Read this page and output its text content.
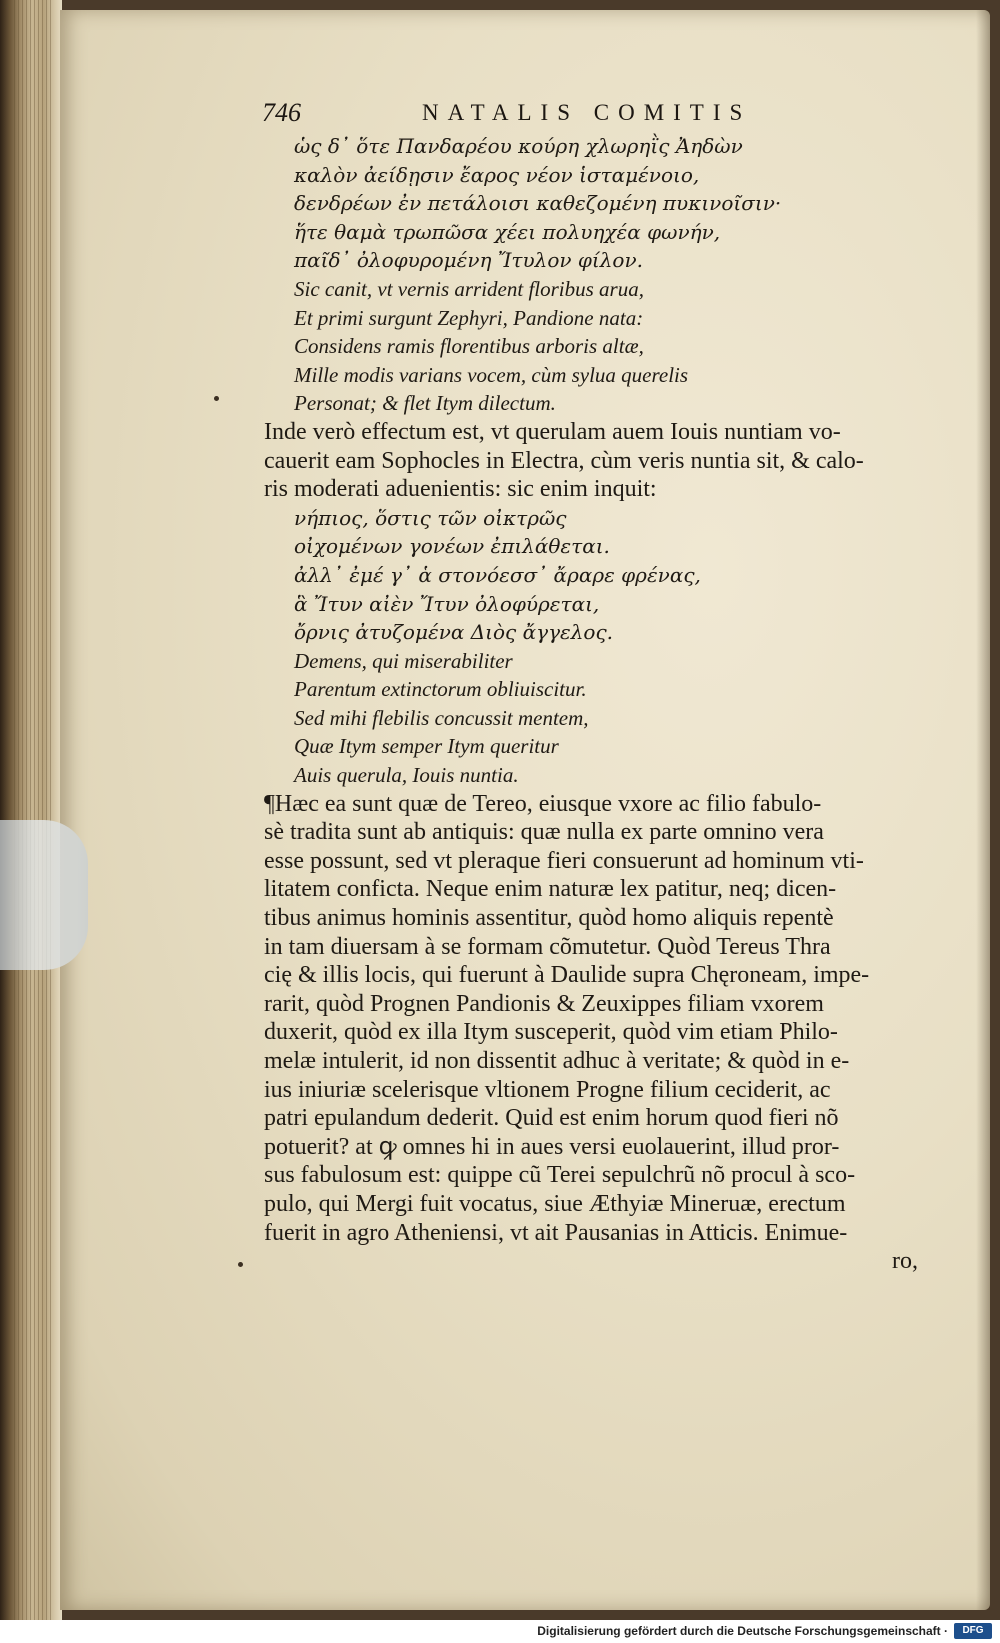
746	NATALIS COMITIS
ὡς δ᾽ ὅτε Πανδαρέου κούρη χλωρηῒς Ἀηδὼν
καλὸν ἀείδῃσιν ἔαρος νέον ἱσταμένοιο,
δενδρέων ἐν πετάλοισι καθεζομένη πυκινοῖσιν·
ἥτε θαμὰ τρωπῶσα χέει πολυηχέα φωνήν,
παῖδ᾽ ὀλοφυρομένη Ἴτυλον φίλον.
Sic canit, vt vernis arrident floribus arua,
Et primi surgunt Zephyri, Pandione nata:
Considens ramis florentibus arboris altæ,
Mille modis varians vocem, cùm sylua querelis
Personat; & flet Itym dilectum.
Inde verò effectum est, vt querulam auem Iouis nuntiam vo-
cauerit eam Sophocles in Electra, cùm veris nuntia sit, & calo-
ris moderati aduenientis: sic enim inquit:
νήπιος, ὅστις τῶν οἰκτρῶς
οἰχομένων γονέων ἐπιλάθεται.
ἀλλ᾽ ἐμέ γ᾽ ἁ στονόεσσ᾽ ἄραρε φρένας,
ἃ Ἴτυν αἰὲν Ἴτυν ὀλοφύρεται,
ὄρνις ἀτυζομένα Διὸς ἄγγελος.
Demens, qui miserabiliter
Parentum extinctorum obliuiscitur.
Sed mihi flebilis concussit mentem,
Quæ Itym semper Itym queritur
Auis querula, Iouis nuntia.
¶Hæc ea sunt quæ de Tereo, eiusque vxore ac filio fabulo-
sè tradita sunt ab antiquis: quæ nulla ex parte omnino vera
esse possunt, sed vt pleraque fieri consuerunt ad hominum vti-
litatem conficta. Neque enim naturæ lex patitur, neq; dicen-
tibus animus hominis assentitur, quòd homo aliquis repentè
in tam diuersam à se formam cõmutetur. Quòd Tereus Thra
cię & illis locis, qui fuerunt à Daulide supra Chęroneam, impe-
rarit, quòd Prognen Pandionis & Zeuxippes filiam vxorem
duxerit, quòd ex illa Itym susceperit, quòd vim etiam Philo-
melæ intulerit, id non dissentit adhuc à veritate; & quòd in e-
ius iniuriæ scelerisque vltionem Progne filium ceciderit, ac
patri epulandum dederit. Quid est enim horum quod fieri nõ
potuerit? at ꝙ omnes hi in aues versi euolauerint, illud pror-
sus fabulosum est: quippe cũ Terei sepulchrũ nõ procul à sco-
pulo, qui Mergi fuit vocatus, siue Æthyiæ Mineruæ, erectum
fuerit in agro Atheniensi, vt ait Pausanias in Atticis. Enimue-
ro,
Digitalisierung gefördert durch die Deutsche Forschungsgemeinschaft ·	DFG
